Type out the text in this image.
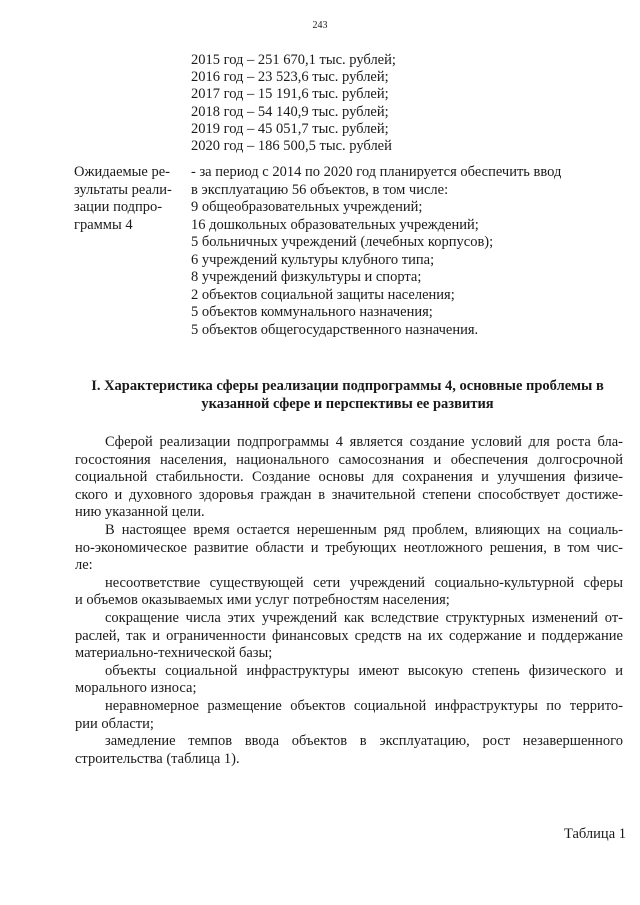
243
2015 год – 251 670,1 тыс. рублей;
2016 год – 23 523,6 тыс. рублей;
2017 год – 15 191,6 тыс. рублей;
2018 год – 54 140,9 тыс. рублей;
2019 год – 45 051,7 тыс. рублей;
2020 год – 186 500,5 тыс. рублей
Ожидаемые ре-
зультаты реали-
зации подпро-
граммы 4
- за период с 2014 по 2020 год планируется обеспечить ввод
в эксплуатацию 56 объектов, в том числе:
9 общеобразовательных учреждений;
16 дошкольных образовательных учреждений;
5 больничных учреждений (лечебных корпусов);
6 учреждений культуры клубного типа;
8 учреждений физкультуры и спорта;
2 объектов социальной защиты населения;
5 объектов коммунального назначения;
5 объектов общегосударственного назначения.
I. Характеристика сферы реализации подпрограммы 4, основные проблемы в
указанной сфере и перспективы ее развития
Сферой реализации подпрограммы 4 является создание условий для роста бла-
госостояния населения, национального самосознания и обеспечения долгосрочной
социальной стабильности. Создание основы для сохранения и улучшения физиче-
ского и духовного здоровья граждан в значительной степени способствует достиже-
нию указанной цели.
В настоящее время остается нерешенным ряд проблем, влияющих на социаль-
но-экономическое развитие области и требующих неотложного решения, в том чис-
ле:
несоответствие существующей сети учреждений социально-культурной сферы
и объемов оказываемых ими услуг потребностям населения;
сокращение числа этих учреждений как вследствие структурных изменений от-
раслей, так и ограниченности финансовых средств на их содержание и поддержание
материально-технической базы;
объекты социальной инфраструктуры имеют высокую степень физического и
морального износа;
неравномерное размещение объектов социальной инфраструктуры по террито-
рии области;
замедление темпов ввода объектов в эксплуатацию, рост незавершенного
строительства (таблица 1).
Таблица 1
